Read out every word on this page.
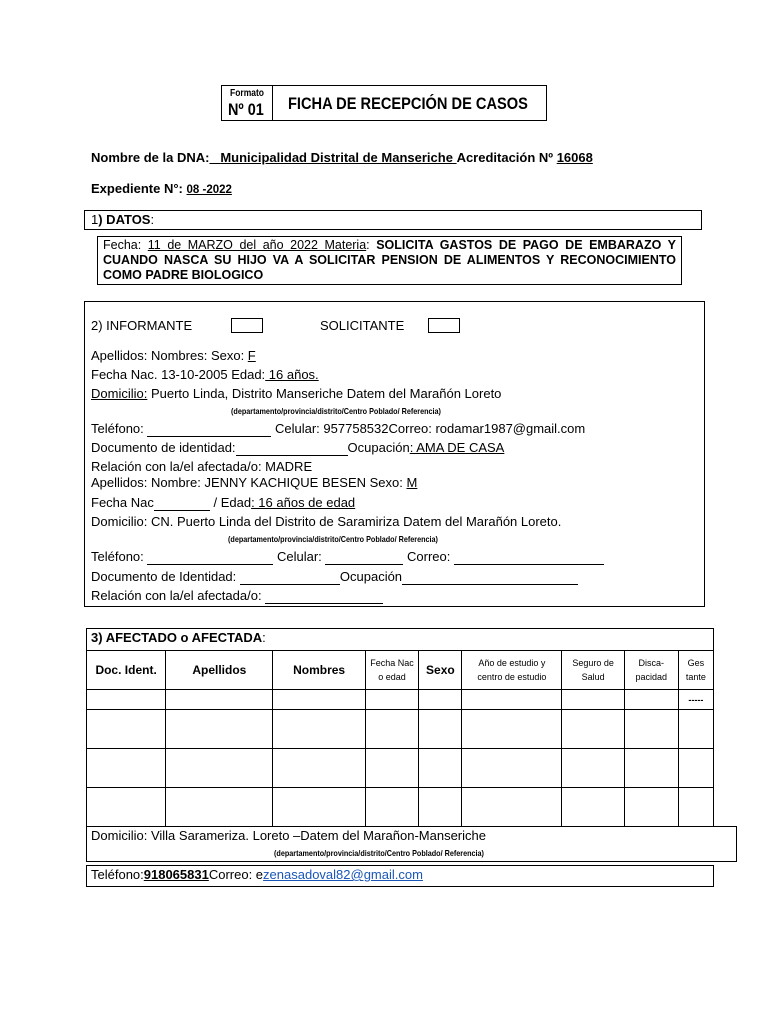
Formato
Nº 01 FICHA DE RECEPCIÓN DE CASOS
Nombre de la DNA: Municipalidad Distrital de Manseriche Acreditación Nº 16068
Expediente N°: 08 -2022
1) DATOS:
Fecha: 11 de MARZO del año 2022 Materia: SOLICITA GASTOS DE PAGO DE EMBARAZO Y CUANDO NASCA SU HIJO VA A SOLICITAR PENSION DE ALIMENTOS Y RECONOCIMIENTO COMO PADRE BIOLOGICO
2) INFORMANTE	SOLICITANTE
Apellidos: Nombres: Sexo: F
Fecha Nac. 13-10-2005 Edad: 16 años.
Domicilio: Puerto Linda, Distrito Manseriche Datem del Marañón Loreto
(departamento/provincia/distrito/Centro Poblado/ Referencia)
Teléfono:	Celular: 957758532Correo: rodamar1987@gmail.com
Documento de identidad:	Ocupación: AMA DE CASA
Relación con la/el afectada/o: MADRE
Apellidos: Nombre: JENNY KACHIQUE BESEN Sexo: M
Fecha Nac	/ Edad: 16 años de edad
Domicilio: CN. Puerto Linda del Distrito de Saramiriza Datem del Marañón Loreto.
(departamento/provincia/distrito/Centro Poblado/ Referencia)
Teléfono:	Celular:	Correo:
Documento de Identidad:	Ocupación
Relación con la/el afectada/o:
3) AFECTADO o AFECTADA:
Doc. Ident.	Apellidos	Nombres	Fecha Nac o edad	Sexo	Año de estudio y centro de estudio	Seguro de Salud	Disca-pacidad	Ges tante
								-----

Domicilio: Villa Sarameriza. Loreto –Datem del Marañon-Manseriche
(departamento/provincia/distrito/Centro Poblado/ Referencia)
Teléfono:918065831Correo: ezenasadoval82@gmail.com
